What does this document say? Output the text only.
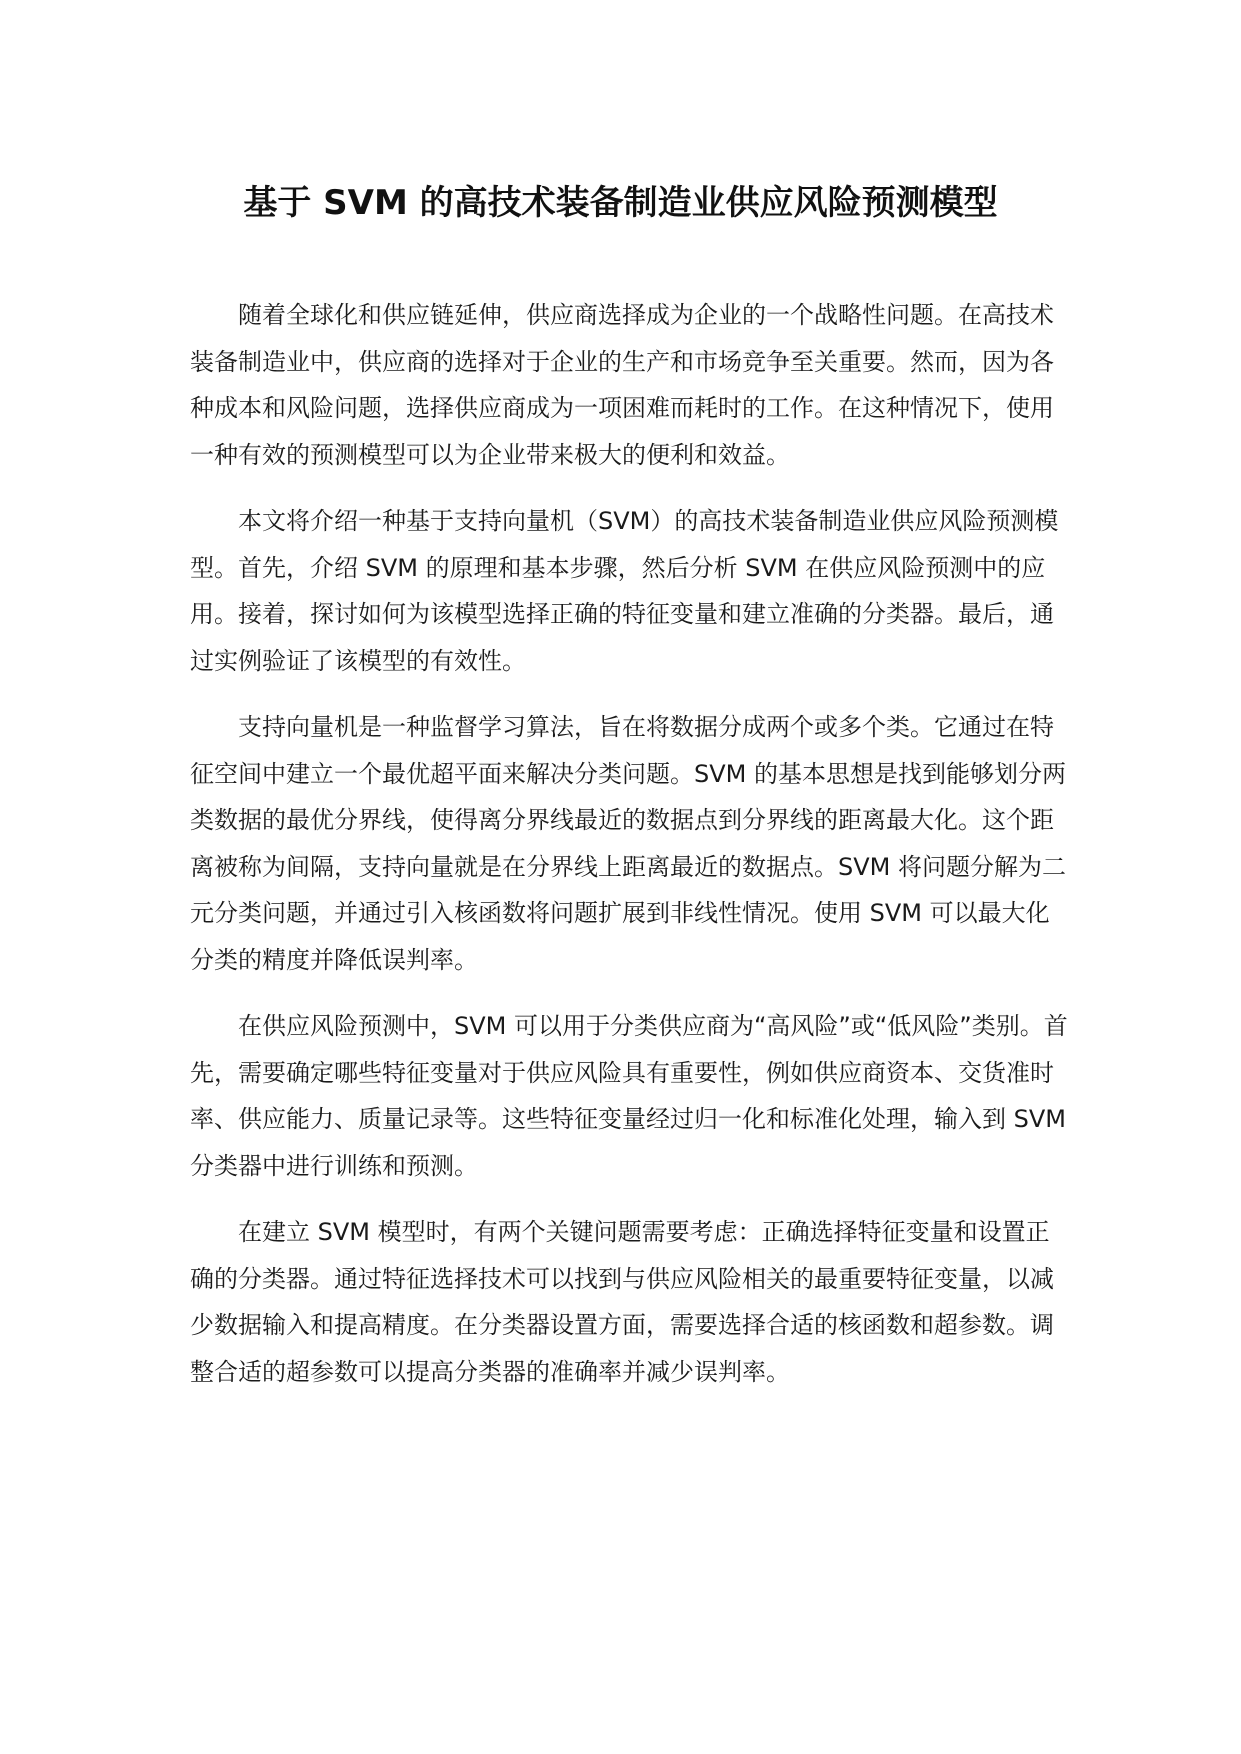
基于 SVM 的高技术装备制造业供应风险预测模型

随着全球化和供应链延伸，供应商选择成为企业的一个战略性问题。在高技术装备制造业中，供应商的选择对于企业的生产和市场竞争至关重要。然而，因为各种成本和风险问题，选择供应商成为一项困难而耗时的工作。在这种情况下，使用一种有效的预测模型可以为企业带来极大的便利和效益。

本文将介绍一种基于支持向量机（SVM）的高技术装备制造业供应风险预测模型。首先，介绍 SVM 的原理和基本步骤，然后分析 SVM 在供应风险预测中的应用。接着，探讨如何为该模型选择正确的特征变量和建立准确的分类器。最后，通过实例验证了该模型的有效性。

支持向量机是一种监督学习算法，旨在将数据分成两个或多个类。它通过在特征空间中建立一个最优超平面来解决分类问题。SVM 的基本思想是找到能够划分两类数据的最优分界线，使得离分界线最近的数据点到分界线的距离最大化。这个距离被称为间隔，支持向量就是在分界线上距离最近的数据点。SVM 将问题分解为二元分类问题，并通过引入核函数将问题扩展到非线性情况。使用 SVM 可以最大化分类的精度并降低误判率。

在供应风险预测中，SVM 可以用于分类供应商为“高风险”或“低风险”类别。首先，需要确定哪些特征变量对于供应风险具有重要性，例如供应商资本、交货准时率、供应能力、质量记录等。这些特征变量经过归一化和标准化处理，输入到 SVM 分类器中进行训练和预测。

在建立 SVM 模型时，有两个关键问题需要考虑：正确选择特征变量和设置正确的分类器。通过特征选择技术可以找到与供应风险相关的最重要特征变量，以减少数据输入和提高精度。在分类器设置方面，需要选择合适的核函数和超参数。调整合适的超参数可以提高分类器的准确率并减少误判率。
